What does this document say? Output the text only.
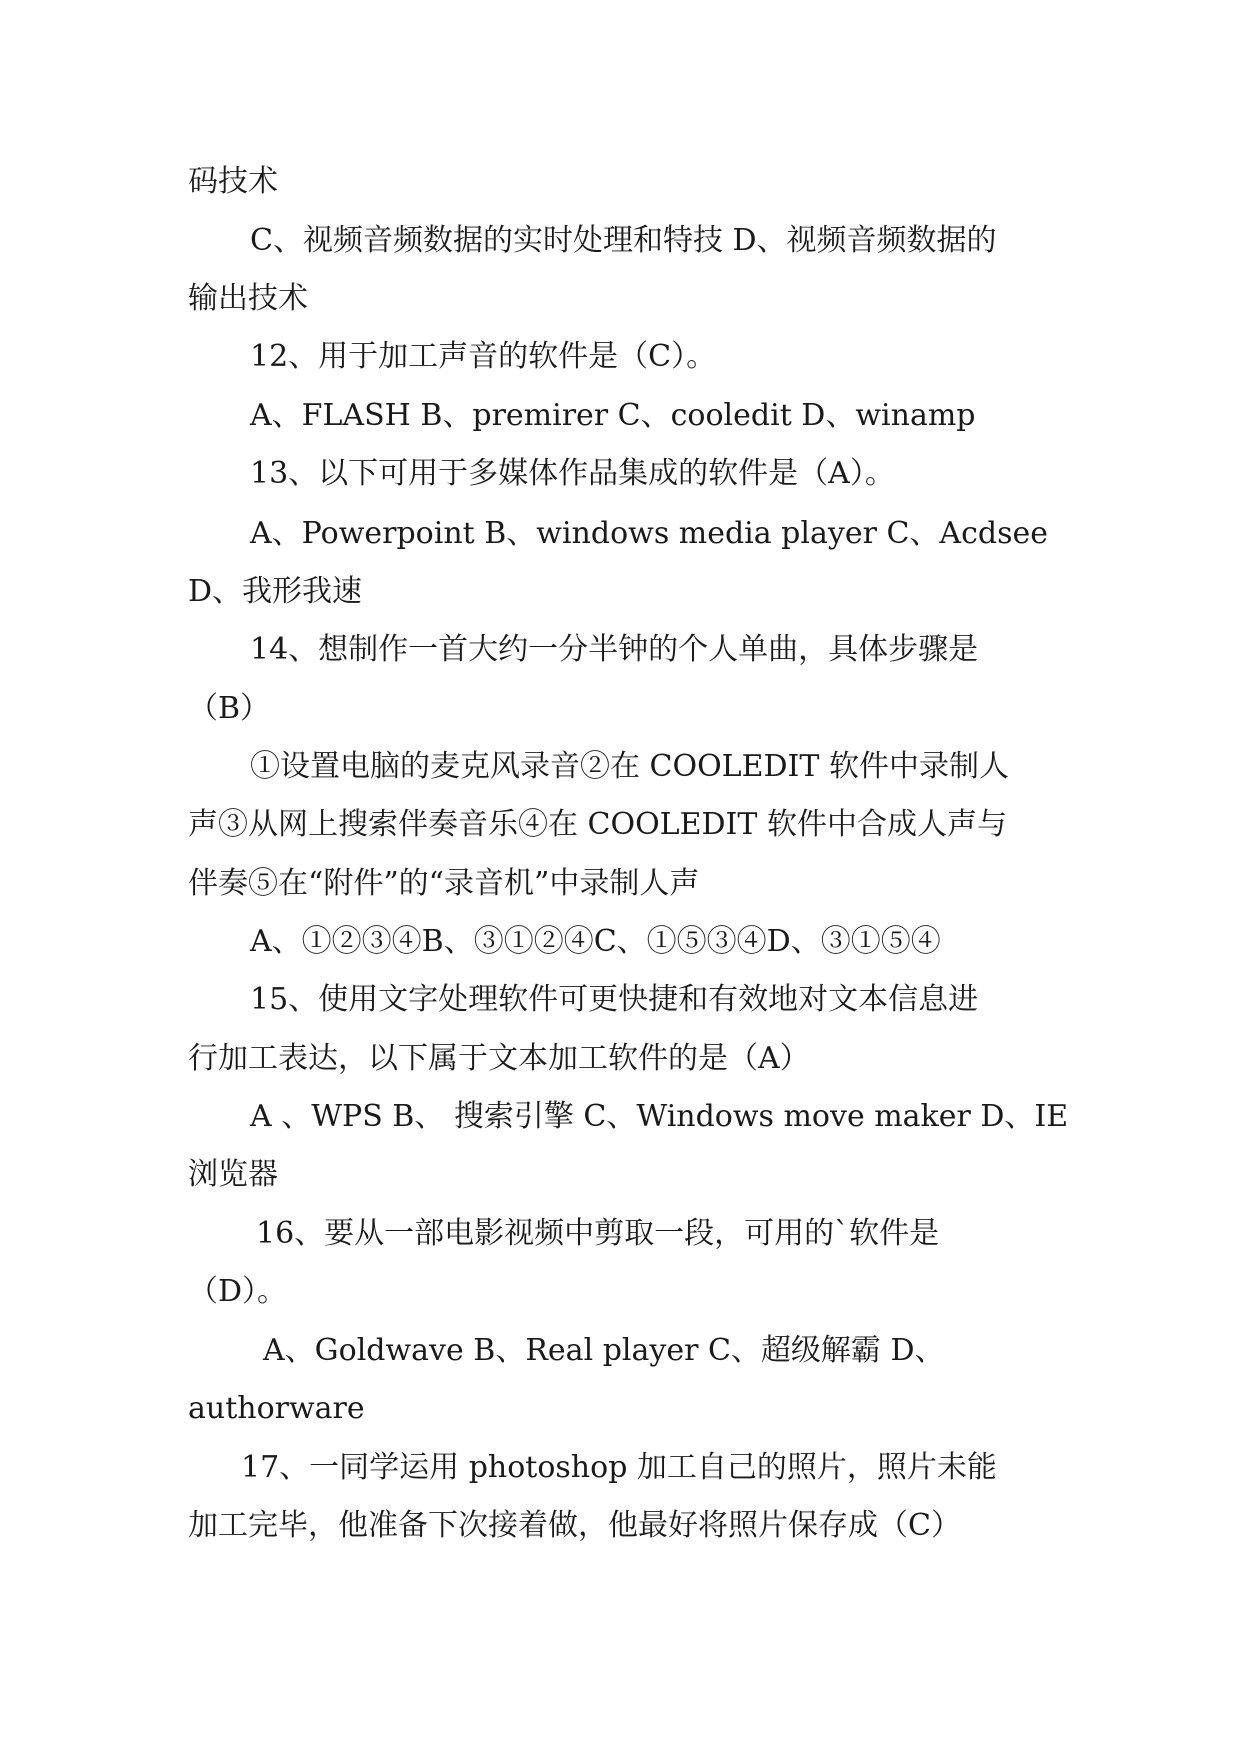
码技术

C、视频音频数据的实时处理和特技 D、视频音频数据的

输出技术

12、用于加工声音的软件是（C）。

A、FLASH B、premirer C、cooledit D、winamp

13、以下可用于多媒体作品集成的软件是（A）。

A、Powerpoint B、windows media player C、Acdsee

D、我形我速

14、想制作一首大约一分半钟的个人单曲，具体步骤是

（B）

①设置电脑的麦克风录音②在 COOLEDIT 软件中录制人

声③从网上搜索伴奏音乐④在 COOLEDIT 软件中合成人声与

伴奏⑤在“附件”的“录音机”中录制人声

A、①②③④B、③①②④C、①⑤③④D、③①⑤④

15、使用文字处理软件可更快捷和有效地对文本信息进

行加工表达，以下属于文本加工软件的是（A）

A 、WPS B、 搜索引擎 C、Windows move maker D、IE

浏览器

16、要从一部电影视频中剪取一段，可用的`软件是

（D）。

A、Goldwave B、Real player C、超级解霸 D、

authorware

17、一同学运用 photoshop 加工自己的照片，照片未能

加工完毕，他准备下次接着做，他最好将照片保存成（C）
